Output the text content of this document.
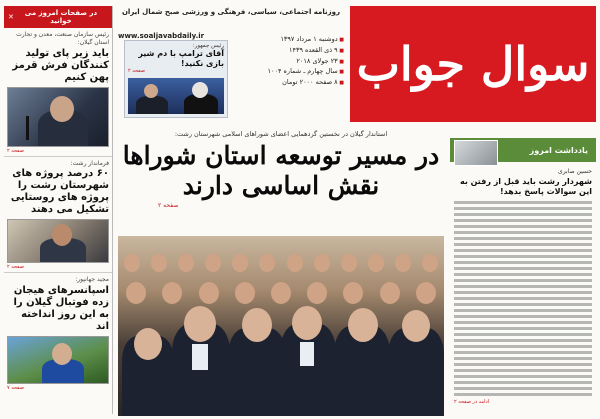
در صفحات امروز می خوانید
✕
رئیس سازمان صنعت، معدن و تجارت استان گیلان:
باید زیر پای تولید کنندگان فرش قرمز پهن کنیم
صفحه ۲
فرماندار رشت:
۶۰ درصد پروژه های شهرستان رشت را پروژه های روستایی تشکیل می دهند
صفحه ۲
مجید جهانپور:
اسپانسرهای هیجان زده فوتبال گیلان را به این روز انداخته اند
صفحه ۷
سوال جواب
روزنامه اجتماعی، سیاسی، فرهنگی و ورزشی صبح شمال ایران
www.soaljavabdaily.ir
■	دوشنبه ۱ مرداد ۱۳۹۷
■ ۹ ذی القعده ۱۴۳۹
■ ۲۳ جولای ۲۰۱۸
■ سال چهارم ـ شماره ۱۰۰۴
■ ۸ صفحه ۲۰۰۰ تومان
رئیس جمهور:
آقای ترامپ با دم شیر بازی نکنید!
صفحه ۲
استاندار گیلان در نخستین گردهمایی اعضای شوراهای اسلامی شهرستان رشت:
در مسیر توسعه استان شوراها
نقش اساسی دارند
صفحه ۲
یادداشت امروز
حسین صابری
شهردار رشت باید قبل از رفتن به این سوالات پاسخ بدهد!
ادامه در صفحه ۲
